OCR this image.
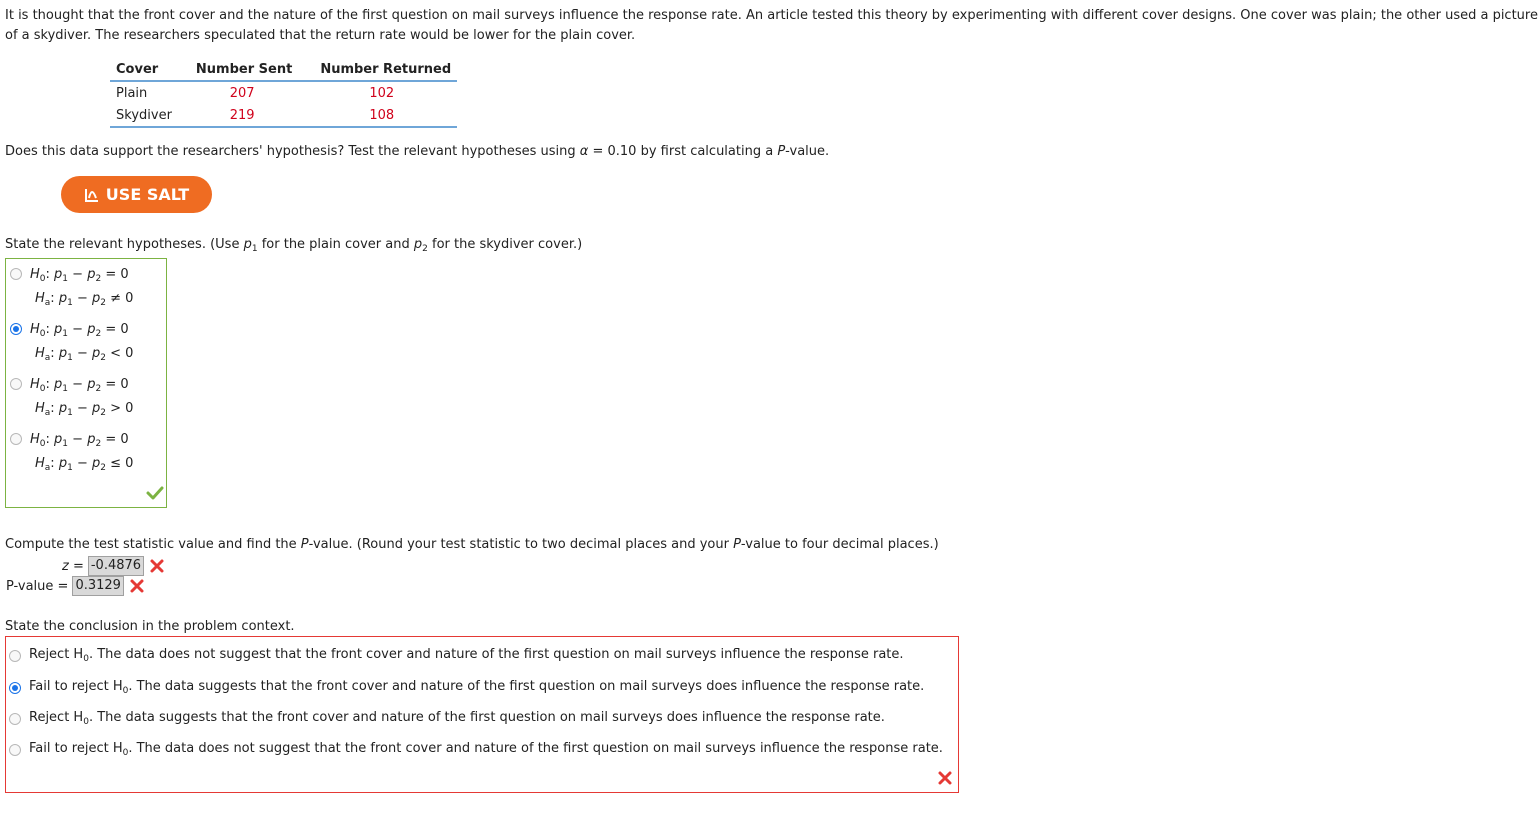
It is thought that the front cover and the nature of the first question on mail surveys influence the response rate. An article tested this theory by experimenting with different cover designs. One cover was plain; the other used a picture
of a skydiver. The researchers speculated that the return rate would be lower for the plain cover.
Cover	Number Sent	Number Returned
Plain	207	102
Skydiver	219	108
Does this data support the researchers' hypothesis? Test the relevant hypotheses using α = 0.10 by first calculating a P-value.
USE SALT
State the relevant hypotheses. (Use $p_1$ for the plain cover and $p_2$ for the skydiver cover.)
$H_0$: $p_1 - p_2 = 0$
$H_a$: $p_1 - p_2 \ne 0$
$H_0$: $p_1 - p_2 = 0$
$H_a$: $p_1 - p_2 < 0$
$H_0$: $p_1 - p_2 = 0$
$H_a$: $p_1 - p_2 > 0$
$H_0$: $p_1 - p_2 = 0$
$H_a$: $p_1 - p_2 \le 0$
Compute the test statistic value and find the P-value. (Round your test statistic to two decimal places and your P-value to four decimal places.)
z = -0.4876
P-value = 0.3129
State the conclusion in the problem context.
Reject $H_0$. The data does not suggest that the front cover and nature of the first question on mail surveys influence the response rate.
Fail to reject $H_0$. The data suggests that the front cover and nature of the first question on mail surveys does influence the response rate.
Reject $H_0$. The data suggests that the front cover and nature of the first question on mail surveys does influence the response rate.
Fail to reject $H_0$. The data does not suggest that the front cover and nature of the first question on mail surveys influence the response rate.
